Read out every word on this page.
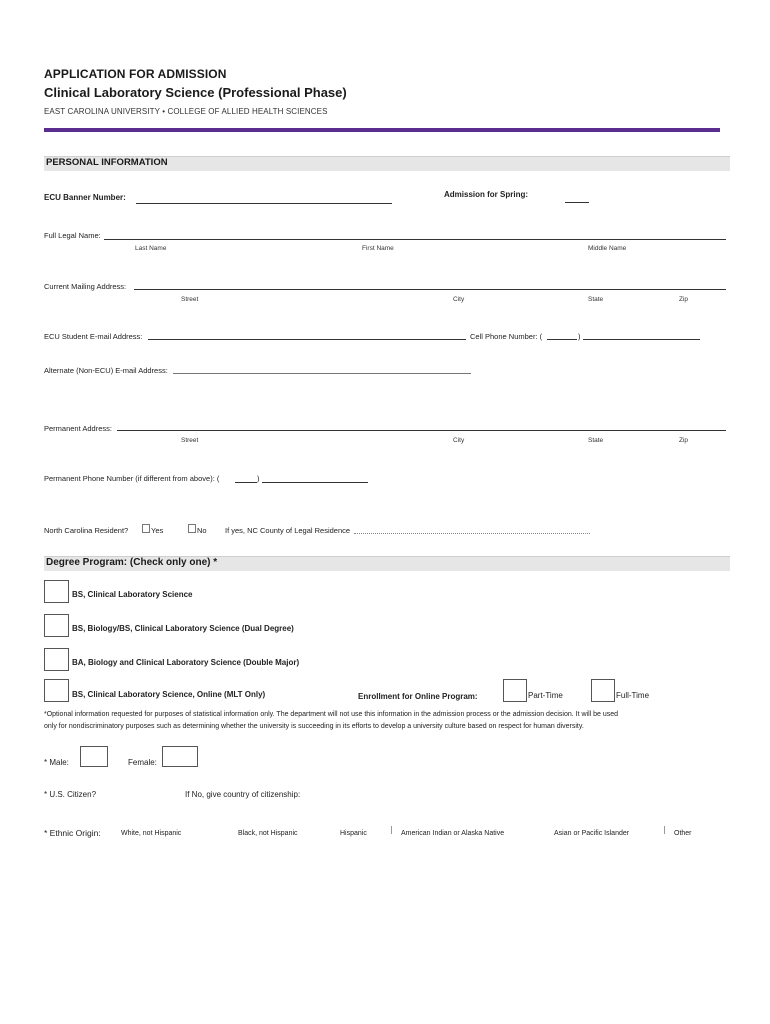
APPLICATION FOR ADMISSION
Clinical Laboratory Science (Professional Phase)
EAST CAROLINA UNIVERSITY • COLLEGE OF ALLIED HEALTH SCIENCES
PERSONAL INFORMATION
ECU Banner Number:	Admission for Spring:
Full Legal Name:
Last Name	First Name	Middle Name
Current Mailing Address:
Street	City	State	Zip
ECU Student E-mail Address:	Cell Phone Number: (	)
Alternate (Non-ECU) E-mail Address:
Permanent Address:
Street	City	State	Zip
Permanent Phone Number (if different from above): (	)
North Carolina Resident?	Yes	No If yes, NC County of Legal Residence
Degree Program: (Check only one) *
BS, Clinical Laboratory Science
BS, Biology/BS, Clinical Laboratory Science (Dual Degree)
BA, Biology and Clinical Laboratory Science (Double Major)
BS, Clinical Laboratory Science, Online (MLT Only)	Enrollment for Online Program:	Part-Time	Full-Time
*Optional information requested for purposes of statistical information only. The department will not use this information in the admission process or the admission decision. It will be used
only for nondiscriminatory purposes such as determining whether the university is succeeding in its efforts to develop a university culture based on respect for human diversity.
* Male:	Female:
* U.S. Citizen?	If No, give country of citizenship:
* Ethnic Origin:	White, not Hispanic	Black, not Hispanic	Hispanic	American Indian or Alaska Native	Asian or Pacific Islander	Other
